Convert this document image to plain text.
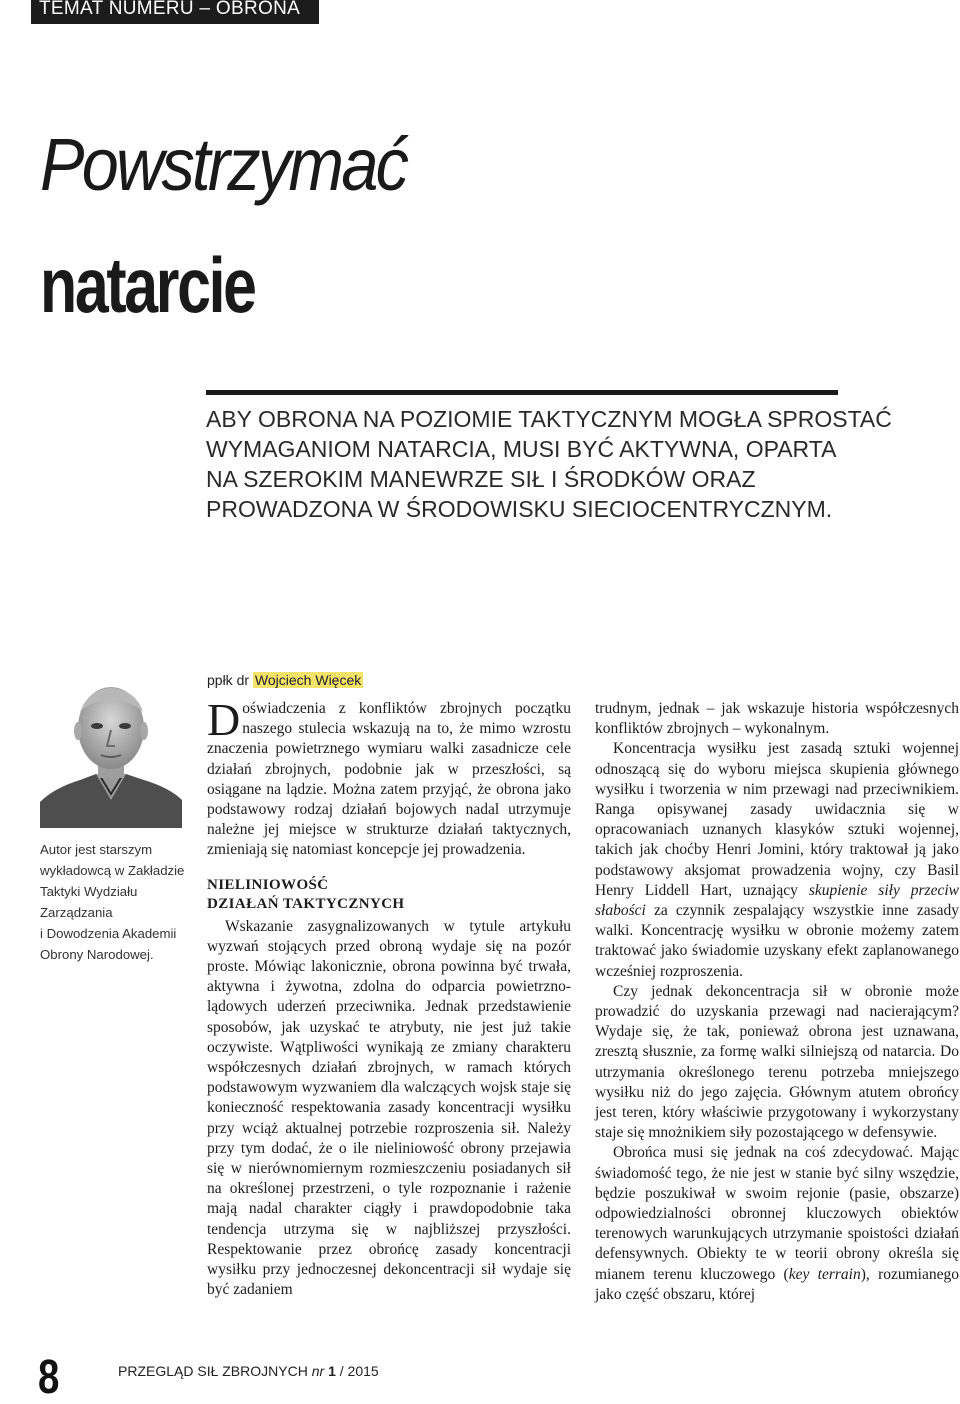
TEMAT NUMERU – OBRONA
Powstrzymać
natarcie
ABY OBRONA NA POZIOMIE TAKTYCZNYM MOGŁA SPROSTAĆ
WYMAGANIOM NATARCIA, MUSI BYĆ AKTYWNA, OPARTA
NA SZEROKIM MANEWRZE SIŁ I ŚRODKÓW ORAZ
PROWADZONA W ŚRODOWISKU SIECIOCENTRYCZNYM.
Autor jest starszym
wykładowcą w Zakładzie
Taktyki Wydziału
Zarządzania
i Dowodzenia Akademii
Obrony Narodowej.
ppłk dr Wojciech Więcek

Doświadczenia z konfliktów zbrojnych początku naszego stulecia wskazują na to, że mimo wzrostu znaczenia powietrznego wymiaru walki zasadnicze cele działań zbrojnych, podobnie jak w przeszłości, są osiągane na lądzie. Można zatem przyjąć, że obrona jako podstawowy rodzaj działań bojowych nadal utrzymuje należne jej miejsce w strukturze działań taktycznych, zmieniają się natomiast koncepcje jej prowadzenia.

NIELINIOWOŚĆ
DZIAŁAŃ TAKTYCZNYCH

Wskazanie zasygnalizowanych w tytule artykułu wyzwań stojących przed obroną wydaje się na pozór proste. Mówiąc lakonicznie, obrona powinna być trwała, aktywna i żywotna, zdolna do odparcia powietrzno-lądowych uderzeń przeciwnika. Jednak przedstawienie sposobów, jak uzyskać te atrybuty, nie jest już takie oczywiste. Wątpliwości wynikają ze zmiany charakteru współczesnych działań zbrojnych, w ramach których podstawowym wyzwaniem dla walczących wojsk staje się konieczność respektowania zasady koncentracji wysiłku przy wciąż aktualnej potrzebie rozproszenia sił. Należy przy tym dodać, że o ile nieliniowość obrony przejawia się w nierównomiernym rozmieszczeniu posiadanych sił na określonej przestrzeni, o tyle rozpoznanie i rażenie mają nadal charakter ciągły i prawdopodobnie taka tendencja utrzyma się w najbliższej przyszłości. Respektowanie przez obrońcę zasady koncentracji wysiłku przy jednoczesnej dekoncentracji sił wydaje się być zadaniem

trudnym, jednak – jak wskazuje historia współczesnych konfliktów zbrojnych – wykonalnym.

Koncentracja wysiłku jest zasadą sztuki wojennej odnoszącą się do wyboru miejsca skupienia głównego wysiłku i tworzenia w nim przewagi nad przeciwnikiem. Ranga opisywanej zasady uwidacznia się w opracowaniach uznanych klasyków sztuki wojennej, takich jak choćby Henri Jomini, który traktował ją jako podstawowy aksjomat prowadzenia wojny, czy Basil Henry Liddell Hart, uznający skupienie siły przeciw słabości za czynnik zespalający wszystkie inne zasady walki. Koncentrację wysiłku w obronie możemy zatem traktować jako świadomie uzyskany efekt zaplanowanego wcześniej rozproszenia.

Czy jednak dekoncentracja sił w obronie może prowadzić do uzyskania przewagi nad nacierającym? Wydaje się, że tak, ponieważ obrona jest uznawana, zresztą słusznie, za formę walki silniejszą od natarcia. Do utrzymania określonego terenu potrzeba mniejszego wysiłku niż do jego zajęcia. Głównym atutem obrońcy jest teren, który właściwie przygotowany i wykorzystany staje się mnożnikiem siły pozostającego w defensywie.

Obrońca musi się jednak na coś zdecydować. Mając świadomość tego, że nie jest w stanie być silny wszędzie, będzie poszukiwał w swoim rejonie (pasie, obszarze) odpowiedzialności obronnej kluczowych obiektów terenowych warunkujących utrzymanie spoistości działań defensywnych. Obiekty te w teorii obrony określa się mianem terenu kluczowego (key terrain), rozumianego jako część obszaru, której

8	PRZEGLĄD SIŁ ZBROJNYCH nr 1 / 2015
